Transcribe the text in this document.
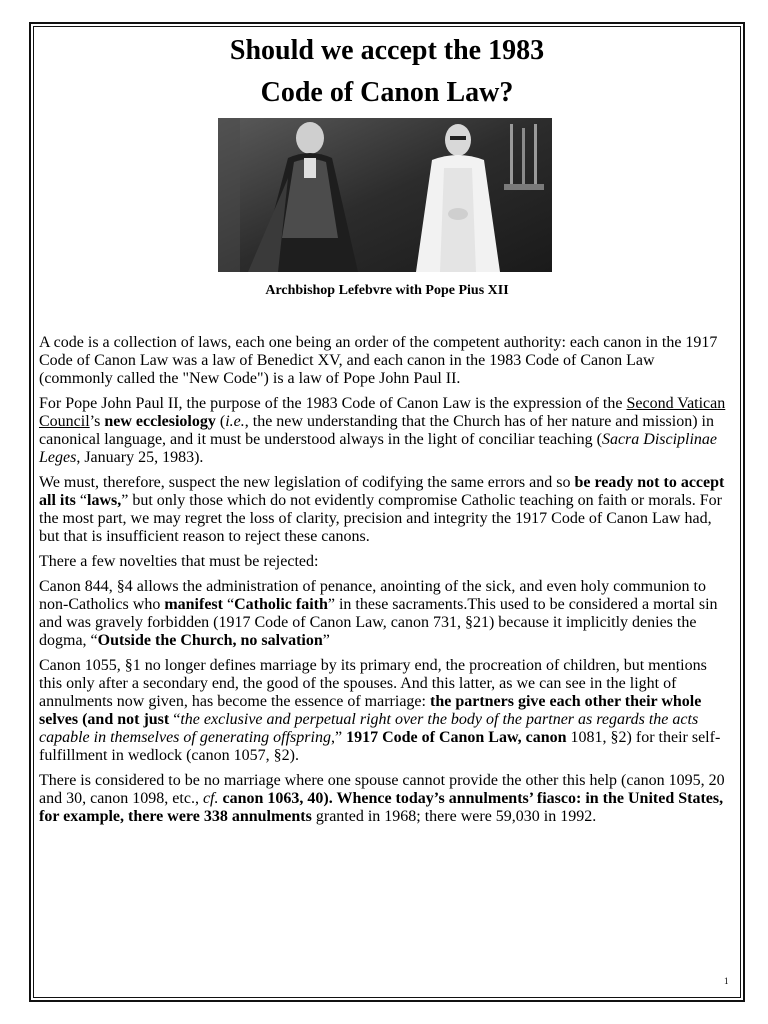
Should we accept the 1983
Code of Canon Law?
Archbishop Lefebvre with Pope Pius XII

A code is a collection of laws, each one being an order of the competent authority: each canon in the 1917 Code of Canon Law was a law of Benedict XV, and each canon in the 1983 Code of Canon Law (commonly called the "New Code") is a law of Pope John Paul II.

For Pope John Paul II, the purpose of the 1983 Code of Canon Law is the expression of the Second Vatican Council’s new ecclesiology (i.e., the new understanding that the Church has of her nature and mission) in canonical language, and it must be understood always in the light of conciliar teaching (Sacra Disciplinae Leges, January 25, 1983).

We must, therefore, suspect the new legislation of codifying the same errors and so be ready not to accept all its “laws,” but only those which do not evidently compromise Catholic teaching on faith or morals. For the most part, we may regret the loss of clarity, precision and integrity the 1917 Code of Canon Law had, but that is insufficient reason to reject these canons.

There a few novelties that must be rejected:

Canon 844, §4 allows the administration of penance, anointing of the sick, and even holy communion to non-Catholics who manifest “Catholic faith” in these sacraments.This used to be considered a mortal sin and was gravely forbidden (1917 Code of Canon Law, canon 731, §21) because it implicitly denies the dogma, “Outside the Church, no salvation”

Canon 1055, §1 no longer defines marriage by its primary end, the procreation of children, but mentions this only after a secondary end, the good of the spouses. And this latter, as we can see in the light of annulments now given, has become the essence of marriage: the partners give each other their whole selves (and not just “the exclusive and perpetual right over the body of the partner as regards the acts capable in themselves of generating offspring,” 1917 Code of Canon Law, canon 1081, §2) for their self-fulfillment in wedlock (canon 1057, §2).

There is considered to be no marriage where one spouse cannot provide the other this help (canon 1095, 20 and 30, canon 1098, etc., cf. canon 1063, 40). Whence today’s annulments’ fiasco: in the United States, for example, there were 338 annulments granted in 1968; there were 59,030 in 1992.

1
